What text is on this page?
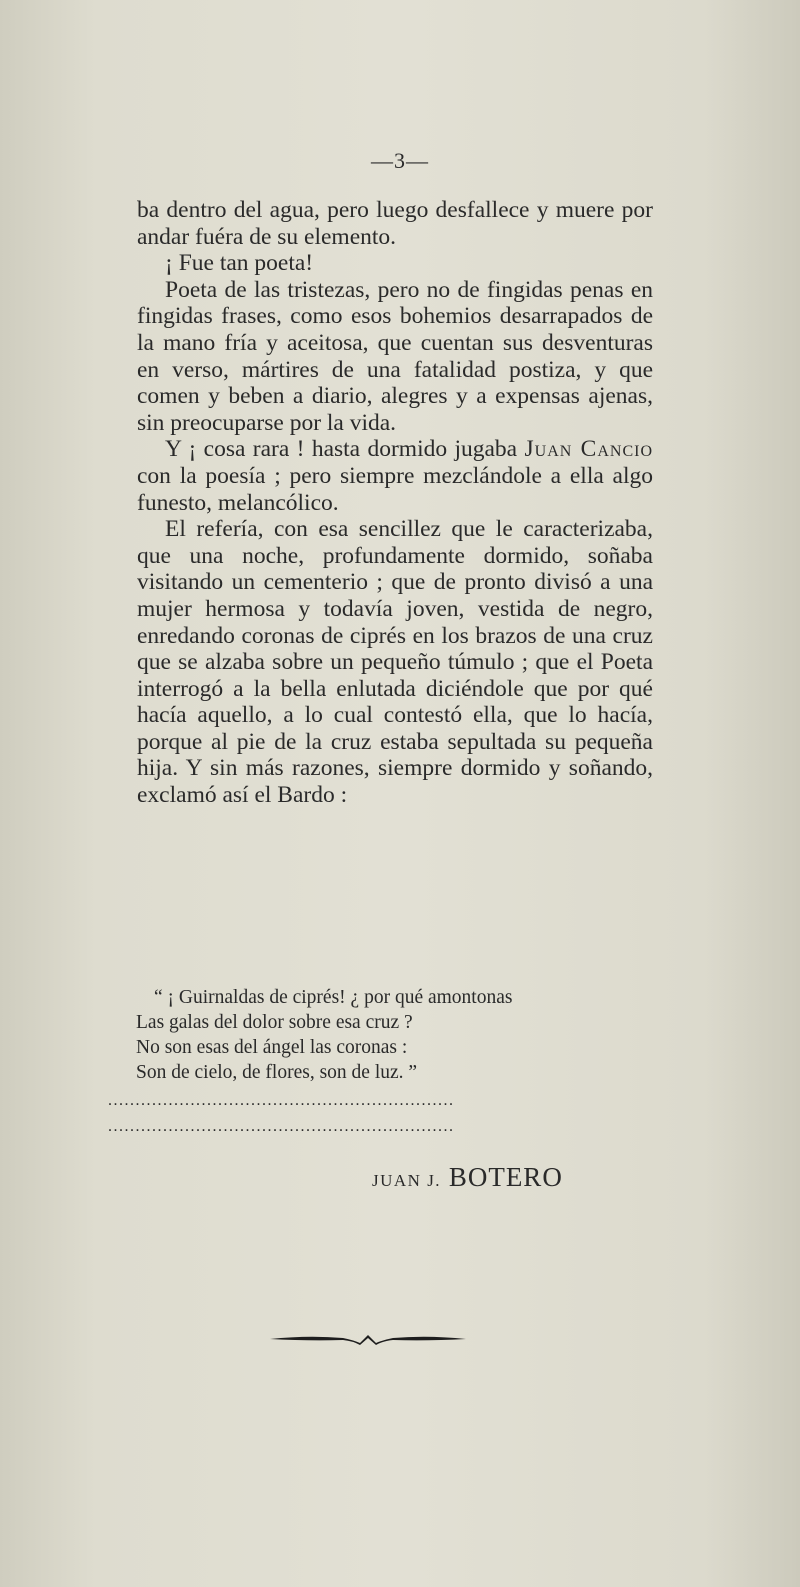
—3—

ba dentro del agua, pero luego desfallece y muere por andar fuéra de su elemento.

¡ Fue tan poeta!

Poeta de las tristezas, pero no de fingidas penas en fingidas frases, como esos bohemios desarrapados de la mano fría y aceitosa, que cuentan sus desventuras en verso, mártires de una fatalidad postiza, y que comen y beben a diario, alegres y a expensas ajenas, sin preocuparse por la vida.

Y ¡ cosa rara ! hasta dormido jugaba Juan Cancio con la poesía ; pero siempre mezclándole a ella algo funesto, melancólico.

El refería, con esa sencillez que le caracterizaba, que una noche, profundamente dormido, soñaba visitando un cementerio ; que de pronto divisó a una mujer hermosa y todavía joven, vestida de negro, enredando coronas de ciprés en los brazos de una cruz que se alzaba sobre un pequeño túmulo ; que el Poeta interrogó a la bella enlutada diciéndole que por qué hacía aquello, a lo cual contestó ella, que lo hacía, porque al pie de la cruz estaba sepultada su pequeña hija. Y sin más razones, siempre dormido y soñando, exclamó así el Bardo :

“ ¡ Guirnaldas de ciprés! ¿ por qué amontonas
Las galas del dolor sobre esa cruz ?
No son esas del ángel las coronas :
Son de cielo, de flores, son de luz. ”
...............................................................
...............................................................
JUAN J. BOTERO
